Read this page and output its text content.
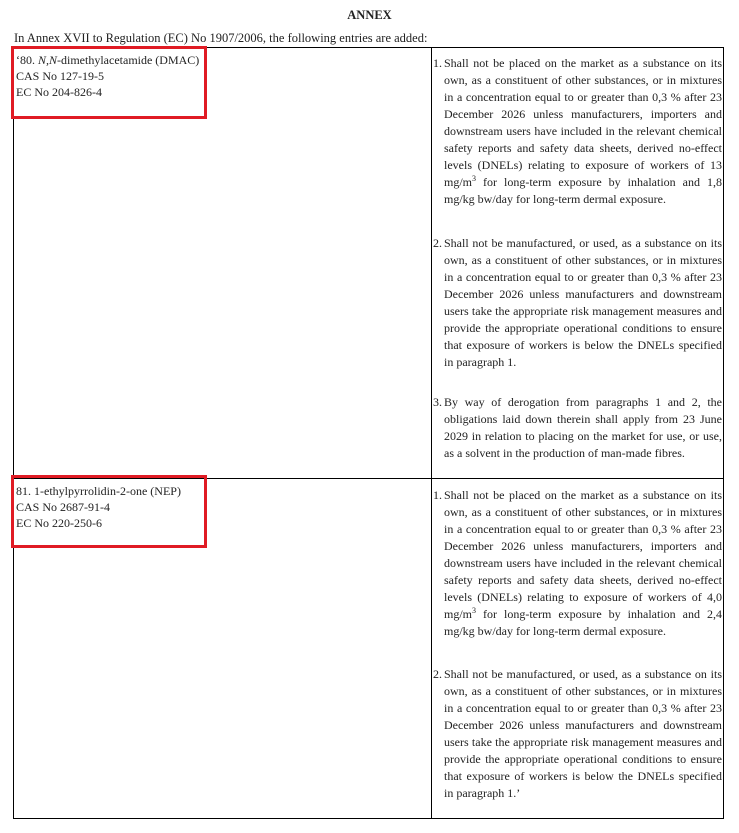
ANNEX
In Annex XVII to Regulation (EC) No 1907/2006, the following entries are added:
‘80. N,N-dimethylacetamide (DMAC)
CAS No 127-19-5
EC No 204-826-4
1. Shall not be placed on the market as a substance on its own, as a constituent of other substances, or in mixtures in a concentration equal to or greater than 0,3 % after 23 December 2026 unless manufacturers, importers and downstream users have included in the relevant chemical safety reports and safety data sheets, derived no-effect levels (DNELs) relating to exposure of workers of 13 $mg/m^3$ for long-term exposure by inhalation and 1,8 mg/kg bw/day for long-term dermal exposure.
2. Shall not be manufactured, or used, as a substance on its own, as a constituent of other substances, or in mixtures in a concentration equal to or greater than 0,3 % after 23 December 2026 unless manufacturers and downstream users take the appropriate risk management measures and provide the appropriate operational conditions to ensure that exposure of workers is below the DNELs specified in paragraph 1.
3. By way of derogation from paragraphs 1 and 2, the obligations laid down therein shall apply from 23 June 2029 in relation to placing on the market for use, or use, as a solvent in the production of man-made fibres.
81. 1-ethylpyrrolidin-2-one (NEP)
CAS No 2687-91-4
EC No 220-250-6
1. Shall not be placed on the market as a substance on its own, as a constituent of other substances, or in mixtures in a concentration equal to or greater than 0,3 % after 23 December 2026 unless manufacturers, importers and downstream users have included in the relevant chemical safety reports and safety data sheets, derived no-effect levels (DNELs) relating to exposure of workers of 4,0 $mg/m^3$ for long-term exposure by inhalation and 2,4 mg/kg bw/day for long-term dermal exposure.
2. Shall not be manufactured, or used, as a substance on its own, as a constituent of other substances, or in mixtures in a concentration equal to or greater than 0,3 % after 23 December 2026 unless manufacturers and downstream users take the appropriate risk management measures and provide the appropriate operational conditions to ensure that exposure of workers is below the DNELs specified in paragraph 1.’
